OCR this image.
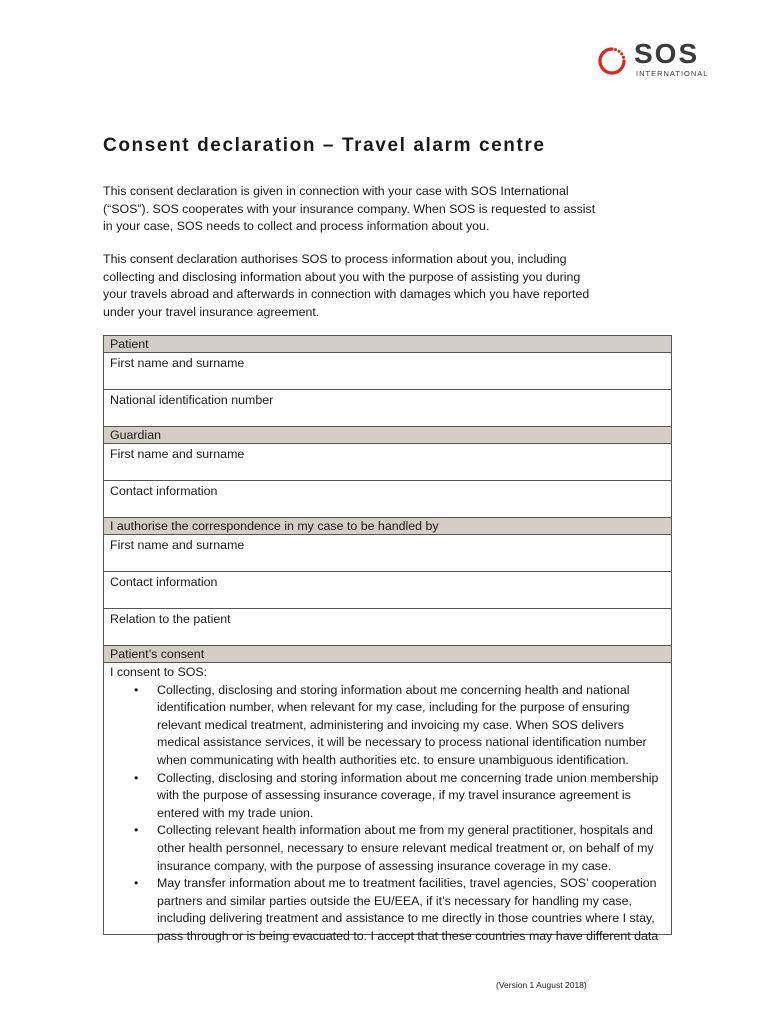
SOS
INTERNATIONAL
Consent declaration – Travel alarm centre
This consent declaration is given in connection with your case with SOS International (“SOS”). SOS cooperates with your insurance company. When SOS is requested to assist in your case, SOS needs to collect and process information about you.
This consent declaration authorises SOS to process information about you, including collecting and disclosing information about you with the purpose of assisting you during your travels abroad and afterwards in connection with damages which you have reported under your travel insurance agreement.
Patient
First name and surname
National identification number
Guardian
First name and surname
Contact information
I authorise the correspondence in my case to be handled by
First name and surname
Contact information
Relation to the patient
Patient’s consent

I consent to SOS:
• Collecting, disclosing and storing information about me concerning health and national identification number, when relevant for my case, including for the purpose of ensuring relevant medical treatment, administering and invoicing my case. When SOS delivers medical assistance services, it will be necessary to process national identification number when communicating with health authorities etc. to ensure unambiguous identification.
• Collecting, disclosing and storing information about me concerning trade union membership with the purpose of assessing insurance coverage, if my travel insurance agreement is entered with my trade union.
• Collecting relevant health information about me from my general practitioner, hospitals and other health personnel, necessary to ensure relevant medical treatment or, on behalf of my insurance company, with the purpose of assessing insurance coverage in my case.
• May transfer information about me to treatment facilities, travel agencies, SOS’ cooperation partners and similar parties outside the EU/EEA, if it’s necessary for handling my case, including delivering treatment and assistance to me directly in those countries where I stay, pass through or is being evacuated to. I accept that these countries may have different data
(Version 1 August 2018)
